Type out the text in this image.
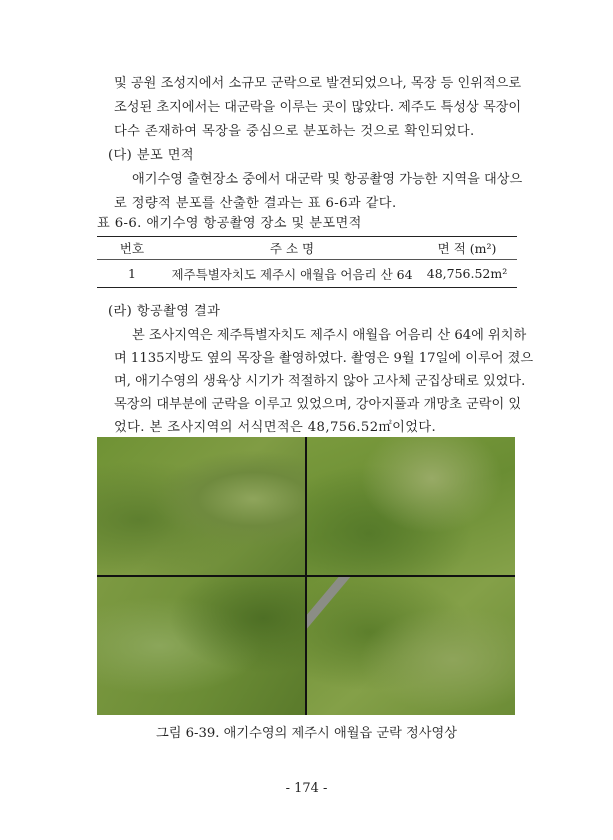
및 공원 조성지에서 소규모 군락으로 발견되었으나, 목장 등 인위적으로
조성된 초지에서는 대군락을 이루는 곳이 많았다. 제주도 특성상 목장이
다수 존재하여 목장을 중심으로 분포하는 것으로 확인되었다.
(다) 분포 면적
애기수영 출현장소 중에서 대군락 및 항공촬영 가능한 지역을 대상으
로 정량적 분포를 산출한 결과는 표 6-6과 같다.
표 6-6. 애기수영 항공촬영 장소 및 분포면적
번호	주 소 명	면 적 (m²)
1	제주특별자치도 제주시 애월읍 어음리 산 64	48,756.52m²
(라) 항공촬영 결과
본 조사지역은 제주특별자치도 제주시 애월읍 어음리 산 64에 위치하
며 1135지방도 옆의 목장을 촬영하였다. 촬영은 9월 17일에 이루어 졌으
며, 애기수영의 생육상 시기가 적절하지 않아 고사체 군집상태로 있었다.
목장의 대부분에 군락을 이루고 있었으며, 강아지풀과 개망초 군락이 있
었다. 본 조사지역의 서식면적은 48,756.52㎡이었다.
그림 6-39. 애기수영의 제주시 애월읍 군락 정사영상
- 174 -
